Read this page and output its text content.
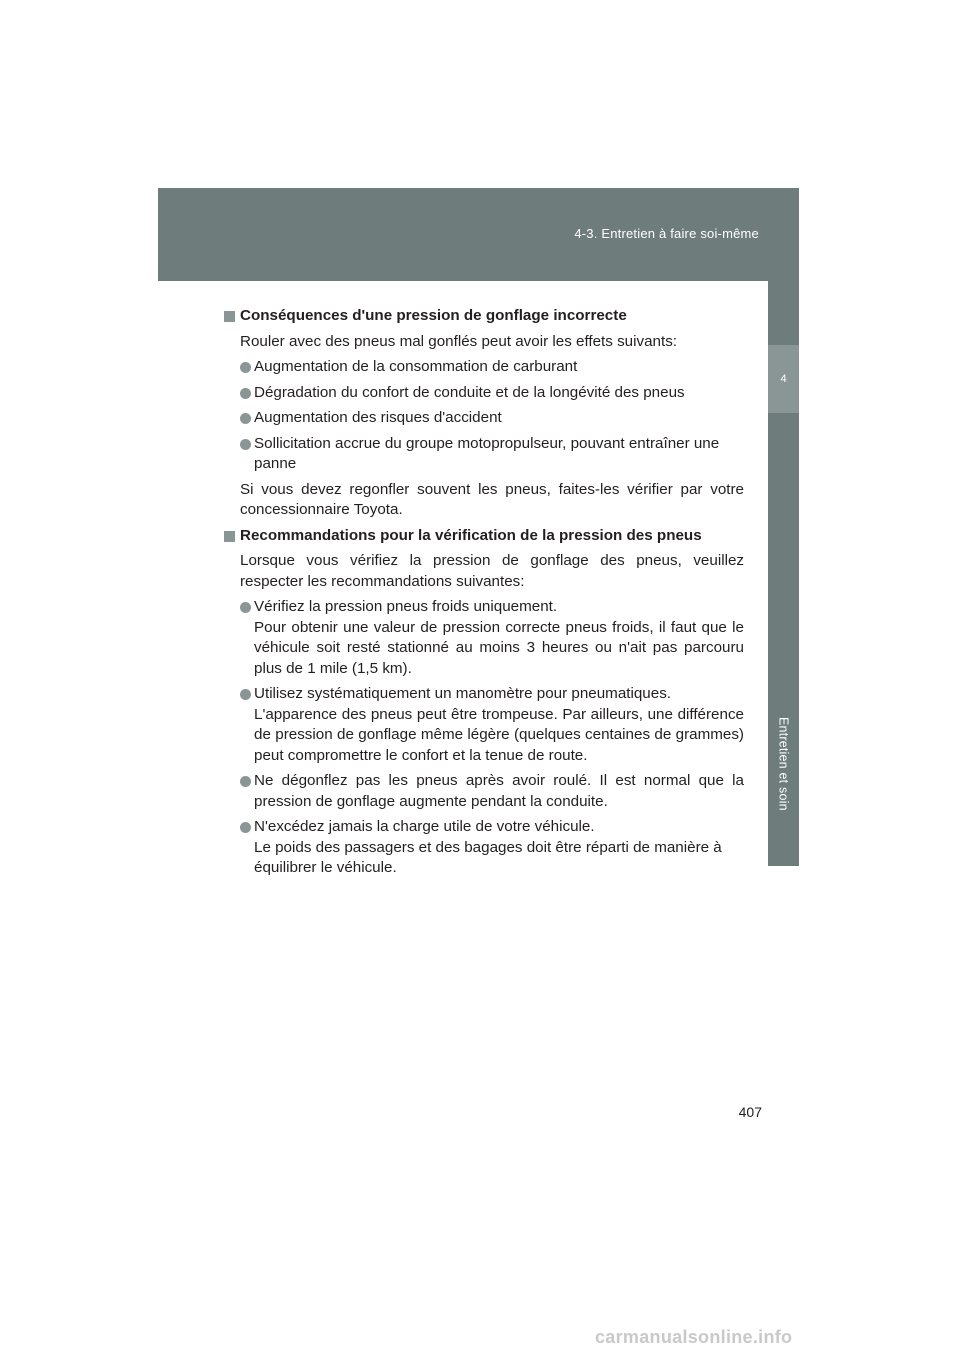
4-3. Entretien à faire soi-même
4
Entretien et soin
Conséquences d'une pression de gonflage incorrecte
Rouler avec des pneus mal gonflés peut avoir les effets suivants:
Augmentation de la consommation de carburant
Dégradation du confort de conduite et de la longévité des pneus
Augmentation des risques d'accident
Sollicitation accrue du groupe motopropulseur, pouvant entraîner une panne
Si vous devez regonfler souvent les pneus, faites-les vérifier par votre concessionnaire Toyota.
Recommandations pour la vérification de la pression des pneus
Lorsque vous vérifiez la pression de gonflage des pneus, veuillez respecter les recommandations suivantes:
Vérifiez la pression pneus froids uniquement.
Pour obtenir une valeur de pression correcte pneus froids, il faut que le véhicule soit resté stationné au moins 3 heures ou n'ait pas parcouru plus de 1 mile (1,5 km).
Utilisez systématiquement un manomètre pour pneumatiques.
L'apparence des pneus peut être trompeuse. Par ailleurs, une différence de pression de gonflage même légère (quelques centaines de grammes) peut compromettre le confort et la tenue de route.
Ne dégonflez pas les pneus après avoir roulé. Il est normal que la pression de gonflage augmente pendant la conduite.
N'excédez jamais la charge utile de votre véhicule.
Le poids des passagers et des bagages doit être réparti de manière à équilibrer le véhicule.
407
carmanualsonline.info
